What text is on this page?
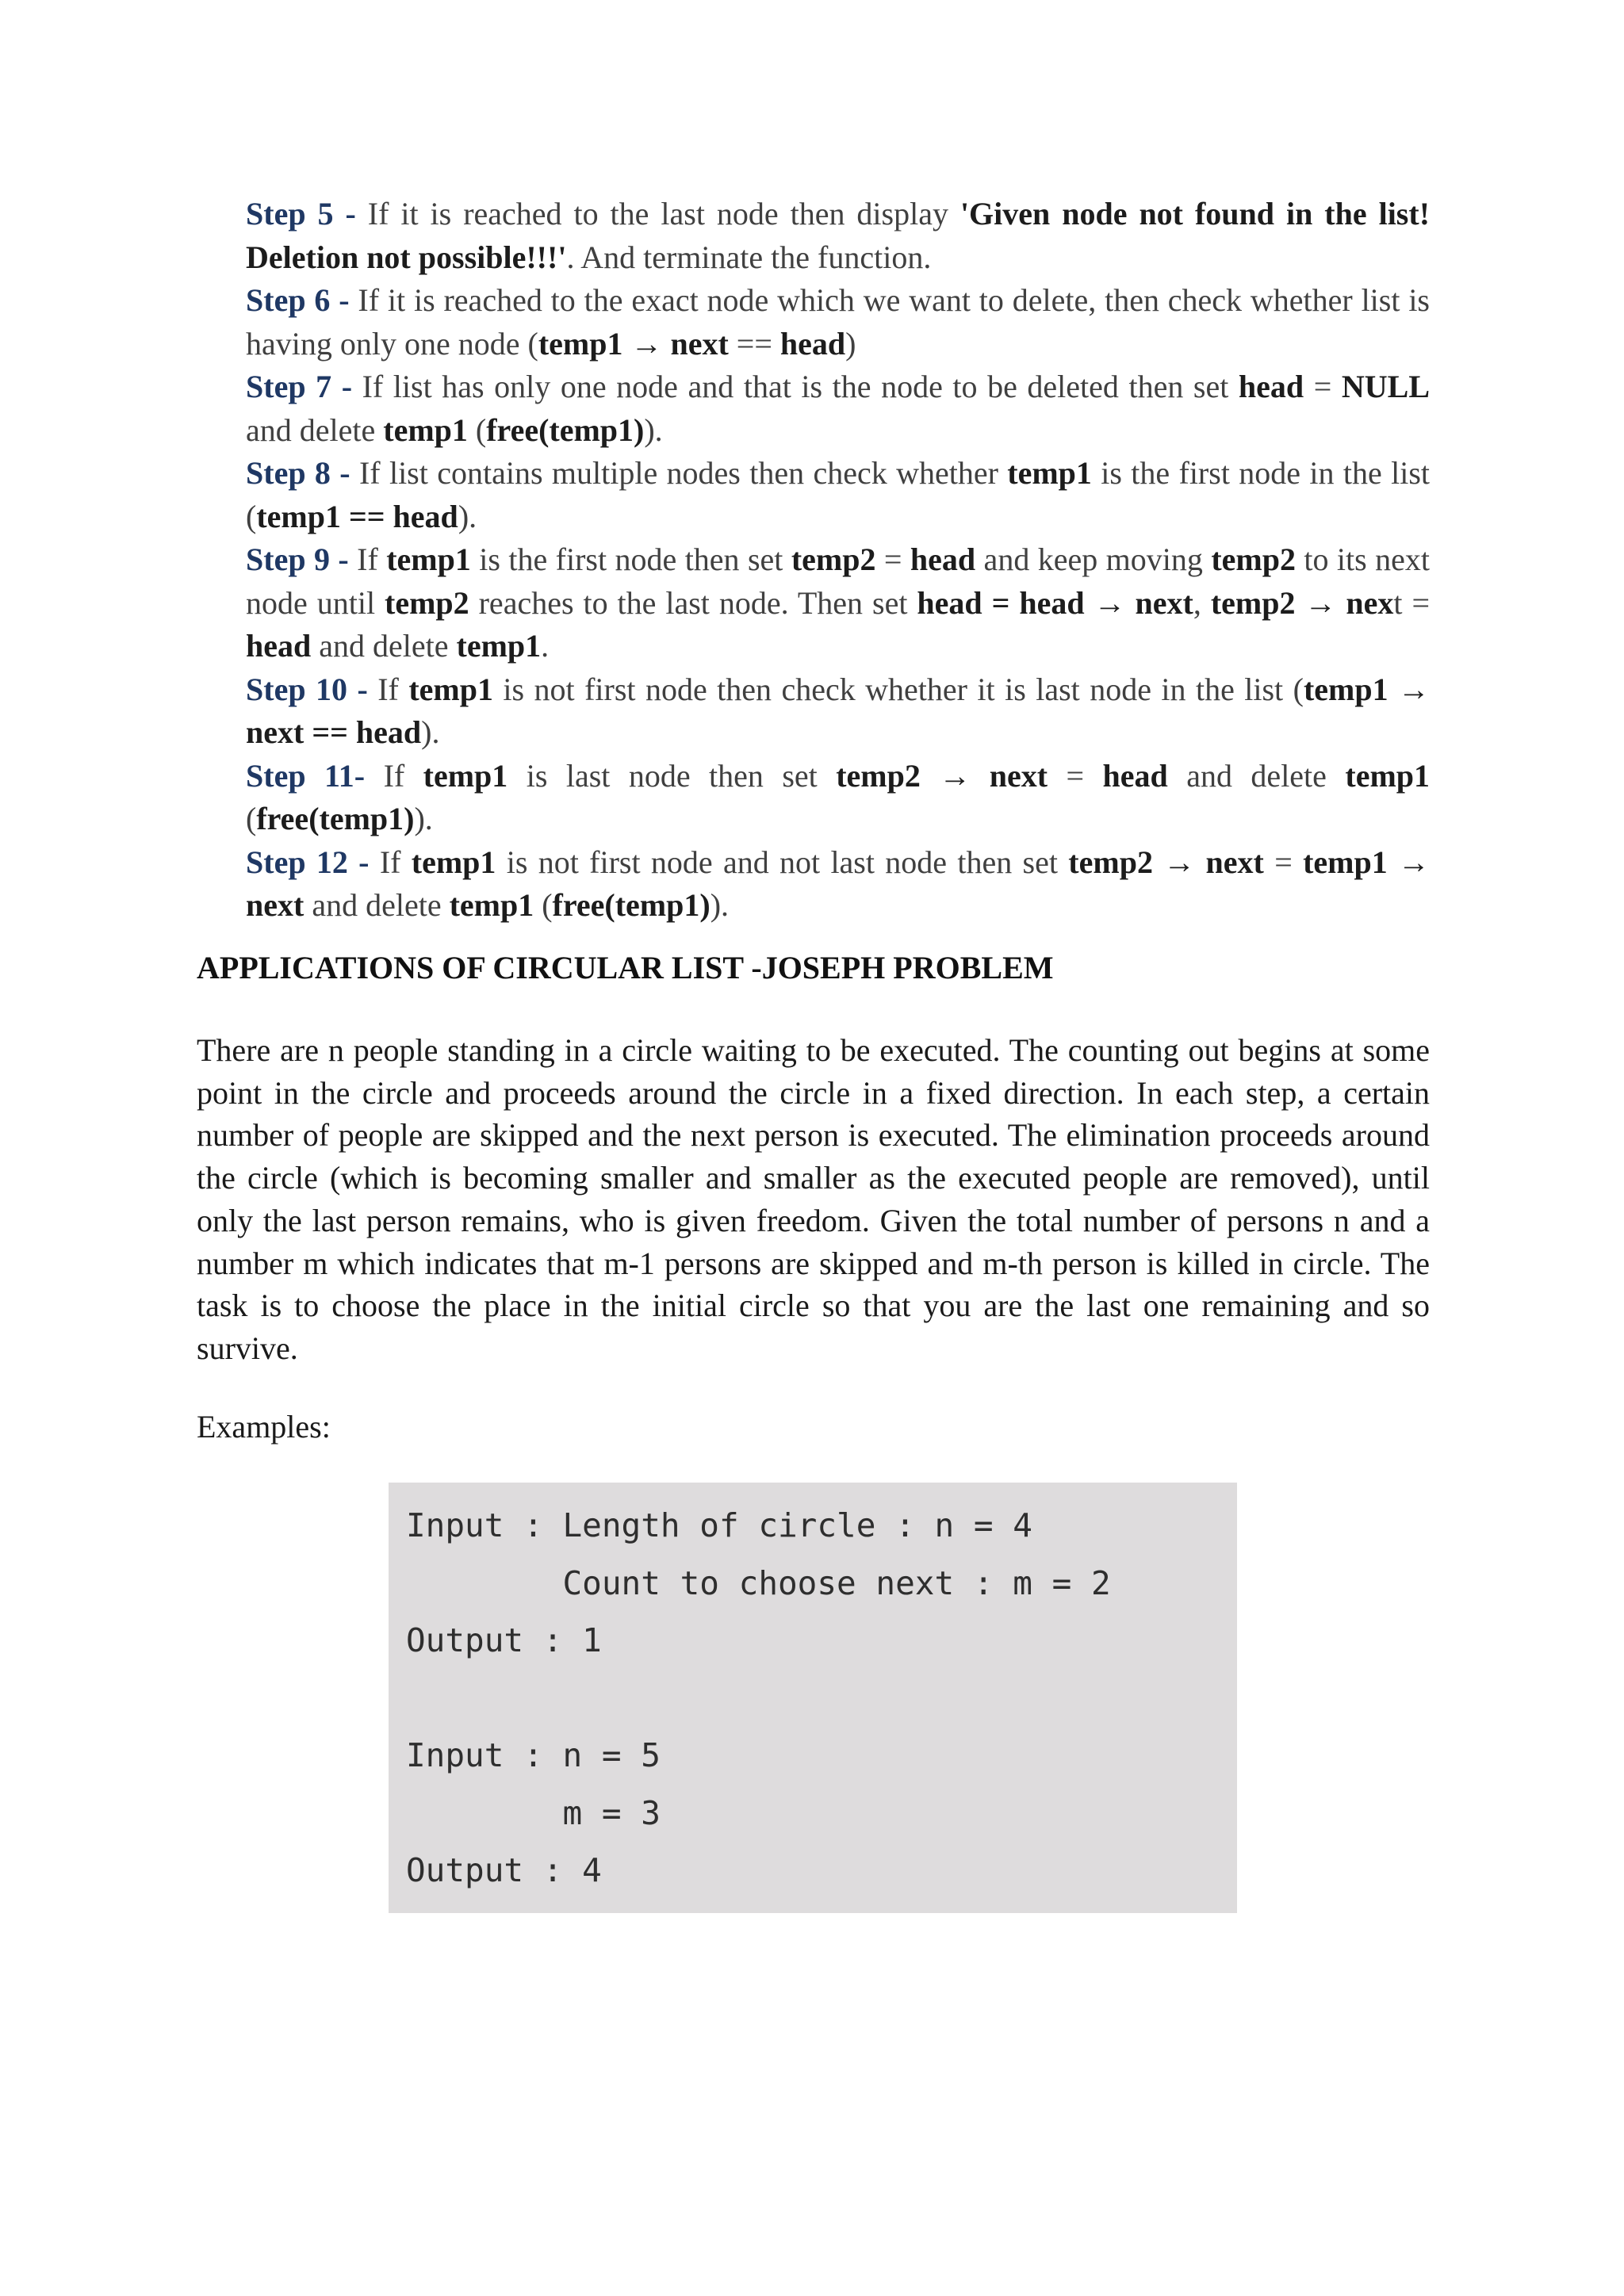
Step 5 - If it is reached to the last node then display 'Given node not found in the list! Deletion not possible!!!'. And terminate the function.

Step 6 - If it is reached to the exact node which we want to delete, then check whether list is having only one node (temp1 → next == head)

Step 7 - If list has only one node and that is the node to be deleted then set head = NULL and delete temp1 (free(temp1)).

Step 8 - If list contains multiple nodes then check whether temp1 is the first node in the list (temp1 == head).

Step 9 - If temp1 is the first node then set temp2 = head and keep moving temp2 to its next node until temp2 reaches to the last node. Then set head = head → next, temp2 → next = head and delete temp1.

Step 10 - If temp1 is not first node then check whether it is last node in the list (temp1 → next == head).

Step 11- If temp1 is last node then set temp2 → next = head and delete temp1 (free(temp1)).

Step 12 - If temp1 is not first node and not last node then set temp2 → next = temp1 → next and delete temp1 (free(temp1)).

APPLICATIONS OF CIRCULAR LIST -JOSEPH PROBLEM

There are n people standing in a circle waiting to be executed. The counting out begins at some point in the circle and proceeds around the circle in a fixed direction. In each step, a certain number of people are skipped and the next person is executed. The elimination proceeds around the circle (which is becoming smaller and smaller as the executed people are removed), until only the last person remains, who is given freedom. Given the total number of persons n and a number m which indicates that m-1 persons are skipped and m-th person is killed in circle. The task is to choose the place in the initial circle so that you are the last one remaining and so survive.

Examples:

Input : Length of circle : n = 4
Count to choose next : m = 2
Output : 1

Input : n = 5
m = 3
Output : 4
